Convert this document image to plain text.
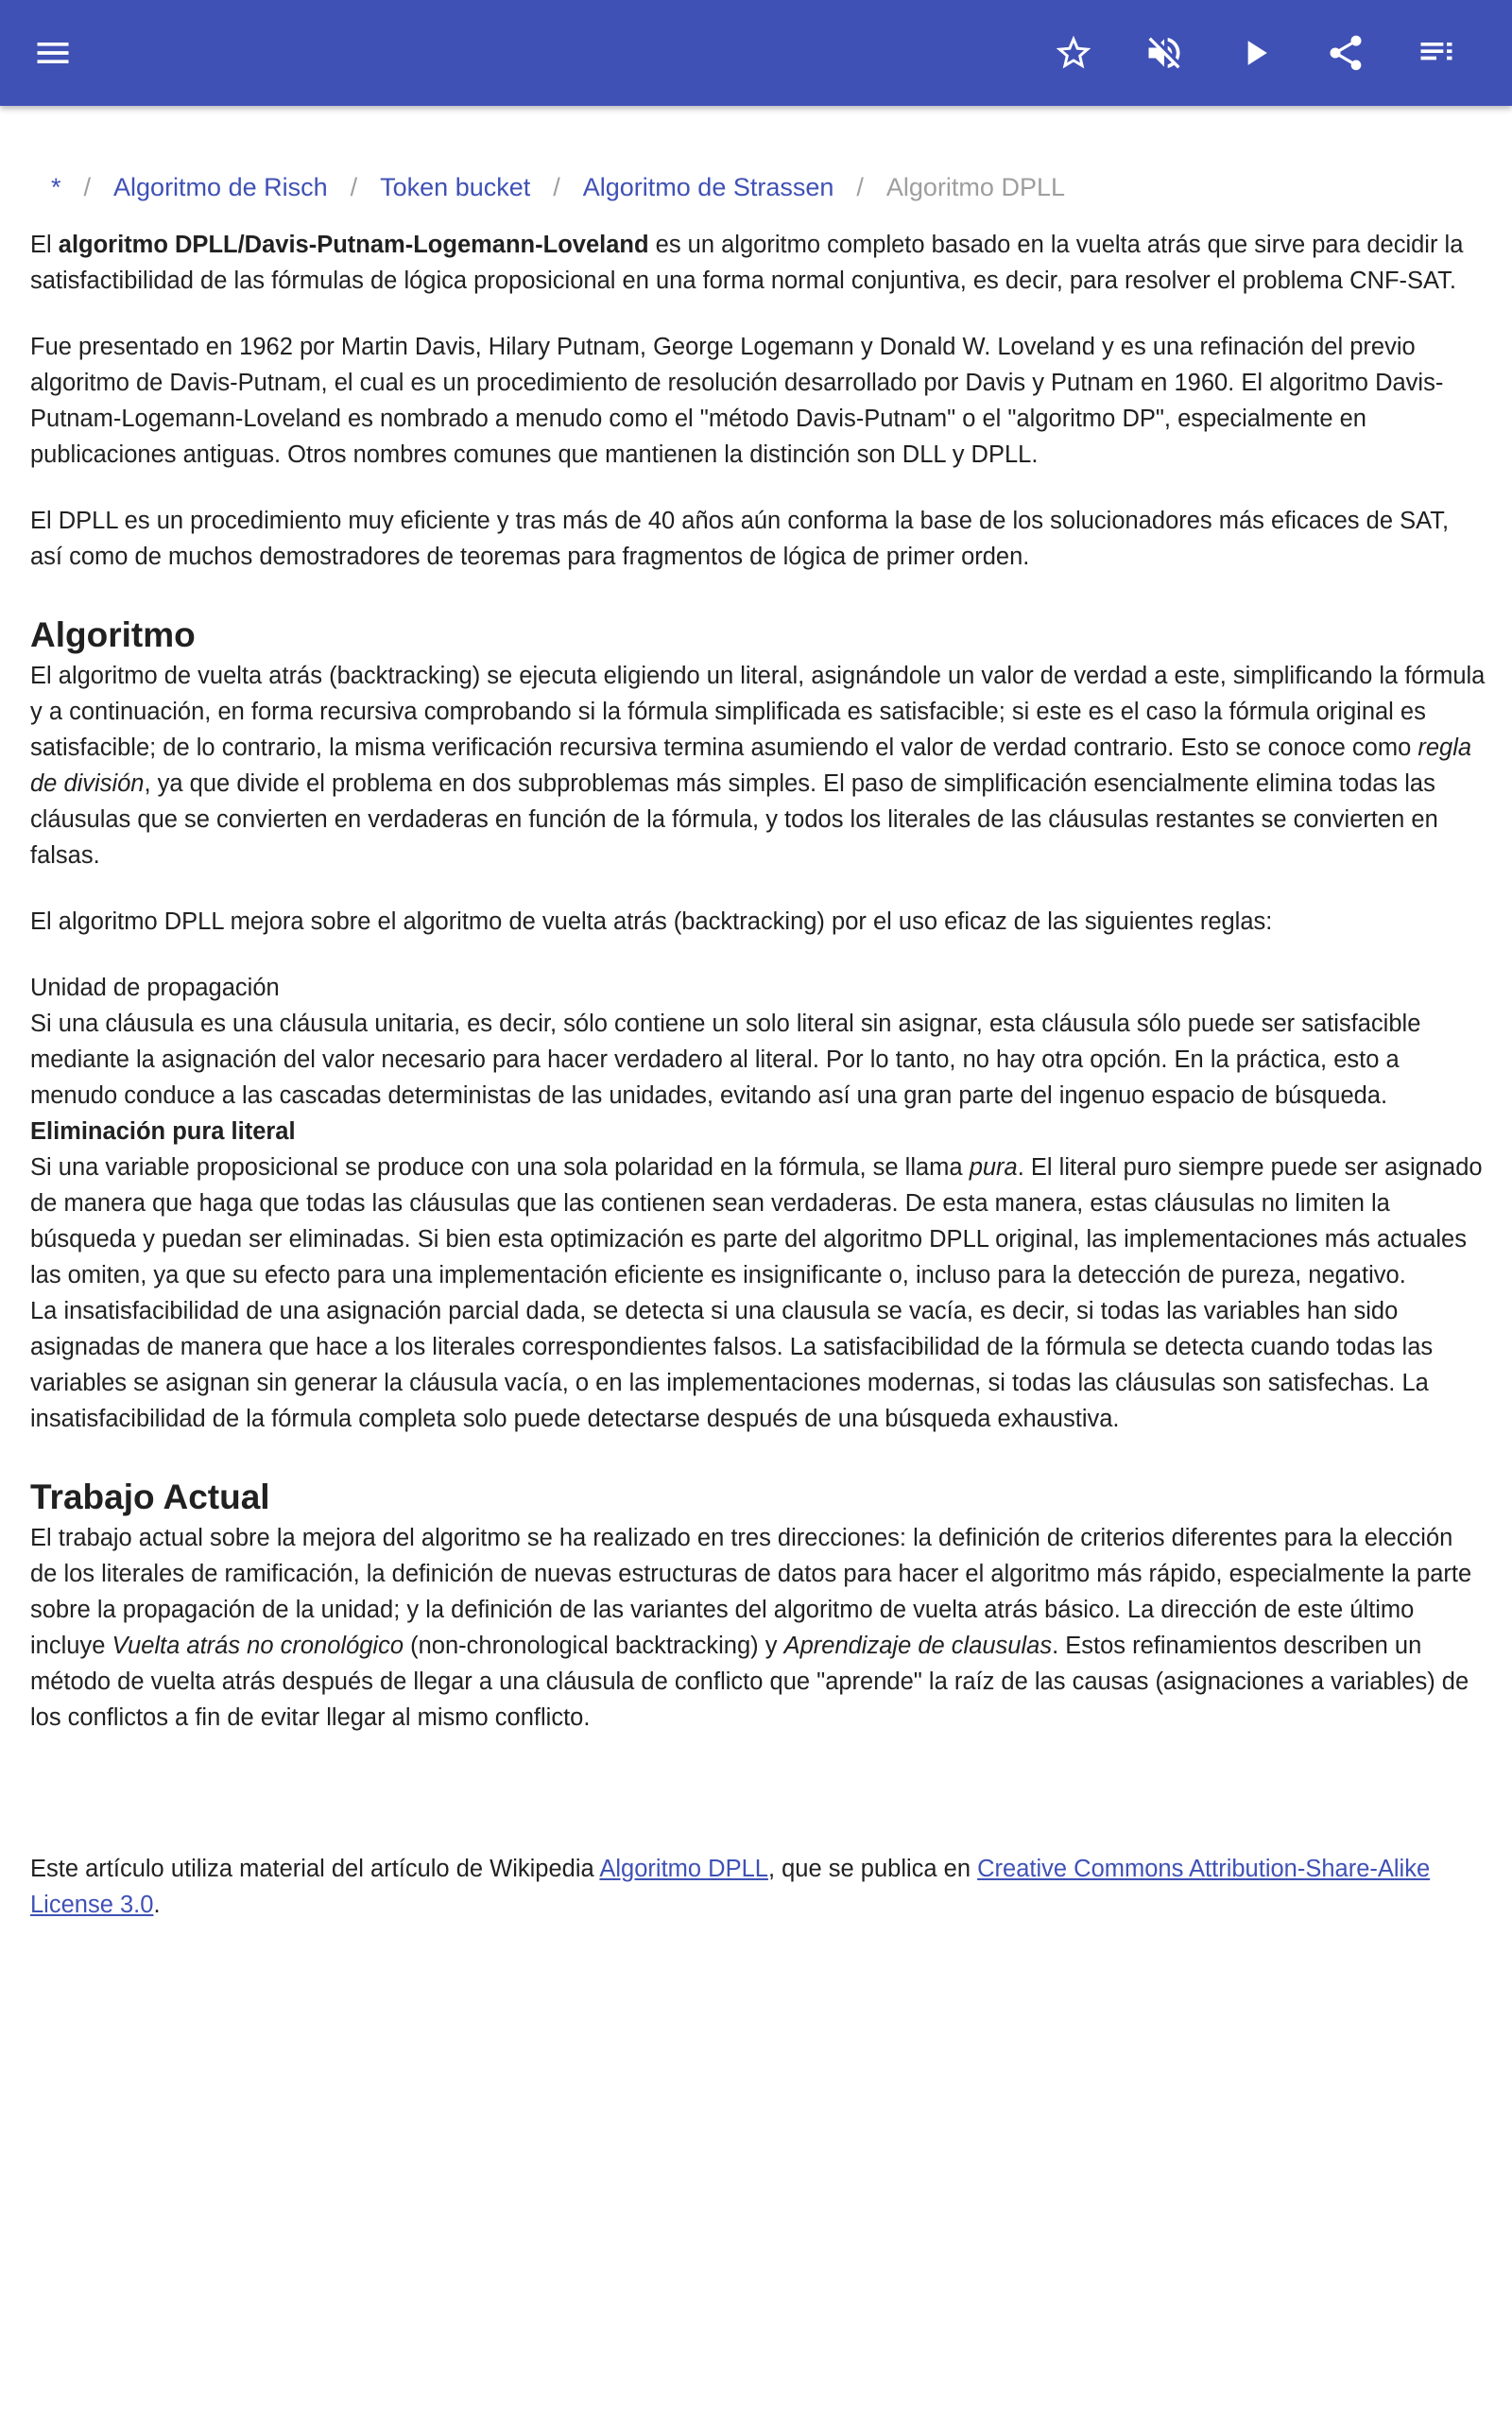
* / Algoritmo de Risch / Token bucket / Algoritmo de Strassen / Algoritmo DPLL

El algoritmo DPLL/Davis-Putnam-Logemann-Loveland es un algoritmo completo basado en la vuelta atrás que sirve para decidir la satisfactibilidad de las fórmulas de lógica proposicional en una forma normal conjuntiva, es decir, para resolver el problema CNF-SAT.

Fue presentado en 1962 por Martin Davis, Hilary Putnam, George Logemann y Donald W. Loveland y es una refinación del previo algoritmo de Davis-Putnam, el cual es un procedimiento de resolución desarrollado por Davis y Putnam en 1960. El algoritmo Davis-Putnam-Logemann-Loveland es nombrado a menudo como el "método Davis-Putnam" o el "algoritmo DP", especialmente en publicaciones antiguas. Otros nombres comunes que mantienen la distinción son DLL y DPLL.

El DPLL es un procedimiento muy eficiente y tras más de 40 años aún conforma la base de los solucionadores más eficaces de SAT, así como de muchos demostradores de teoremas para fragmentos de lógica de primer orden.

Algoritmo

El algoritmo de vuelta atrás (backtracking) se ejecuta eligiendo un literal, asignándole un valor de verdad a este, simplificando la fórmula y a continuación, en forma recursiva comprobando si la fórmula simplificada es satisfacible; si este es el caso la fórmula original es satisfacible; de lo contrario, la misma verificación recursiva termina asumiendo el valor de verdad contrario. Esto se conoce como regla de división, ya que divide el problema en dos subproblemas más simples. El paso de simplificación esencialmente elimina todas las cláusulas que se convierten en verdaderas en función de la fórmula, y todos los literales de las cláusulas restantes se convierten en falsas.

El algoritmo DPLL mejora sobre el algoritmo de vuelta atrás (backtracking) por el uso eficaz de las siguientes reglas:

Unidad de propagación
Si una cláusula es una cláusula unitaria, es decir, sólo contiene un solo literal sin asignar, esta cláusula sólo puede ser satisfacible mediante la asignación del valor necesario para hacer verdadero al literal. Por lo tanto, no hay otra opción. En la práctica, esto a menudo conduce a las cascadas deterministas de las unidades, evitando así una gran parte del ingenuo espacio de búsqueda.
Eliminación pura literal
Si una variable proposicional se produce con una sola polaridad en la fórmula, se llama pura. El literal puro siempre puede ser asignado de manera que haga que todas las cláusulas que las contienen sean verdaderas. De esta manera, estas cláusulas no limiten la búsqueda y puedan ser eliminadas. Si bien esta optimización es parte del algoritmo DPLL original, las implementaciones más actuales las omiten, ya que su efecto para una implementación eficiente es insignificante o, incluso para la detección de pureza, negativo.

La insatisfacibilidad de una asignación parcial dada, se detecta si una clausula se vacía, es decir, si todas las variables han sido asignadas de manera que hace a los literales correspondientes falsos. La satisfacibilidad de la fórmula se detecta cuando todas las variables se asignan sin generar la cláusula vacía, o en las implementaciones modernas, si todas las cláusulas son satisfechas. La insatisfacibilidad de la fórmula completa solo puede detectarse después de una búsqueda exhaustiva.

Trabajo Actual

El trabajo actual sobre la mejora del algoritmo se ha realizado en tres direcciones: la definición de criterios diferentes para la elección de los literales de ramificación, la definición de nuevas estructuras de datos para hacer el algoritmo más rápido, especialmente la parte sobre la propagación de la unidad; y la definición de las variantes del algoritmo de vuelta atrás básico. La dirección de este último incluye Vuelta atrás no cronológico (non-chronological backtracking) y Aprendizaje de clausulas. Estos refinamientos describen un método de vuelta atrás después de llegar a una cláusula de conflicto que "aprende" la raíz de las causas (asignaciones a variables) de los conflictos a fin de evitar llegar al mismo conflicto.

Este artículo utiliza material del artículo de Wikipedia Algoritmo DPLL, que se publica en Creative Commons Attribution-Share-Alike License 3.0.
